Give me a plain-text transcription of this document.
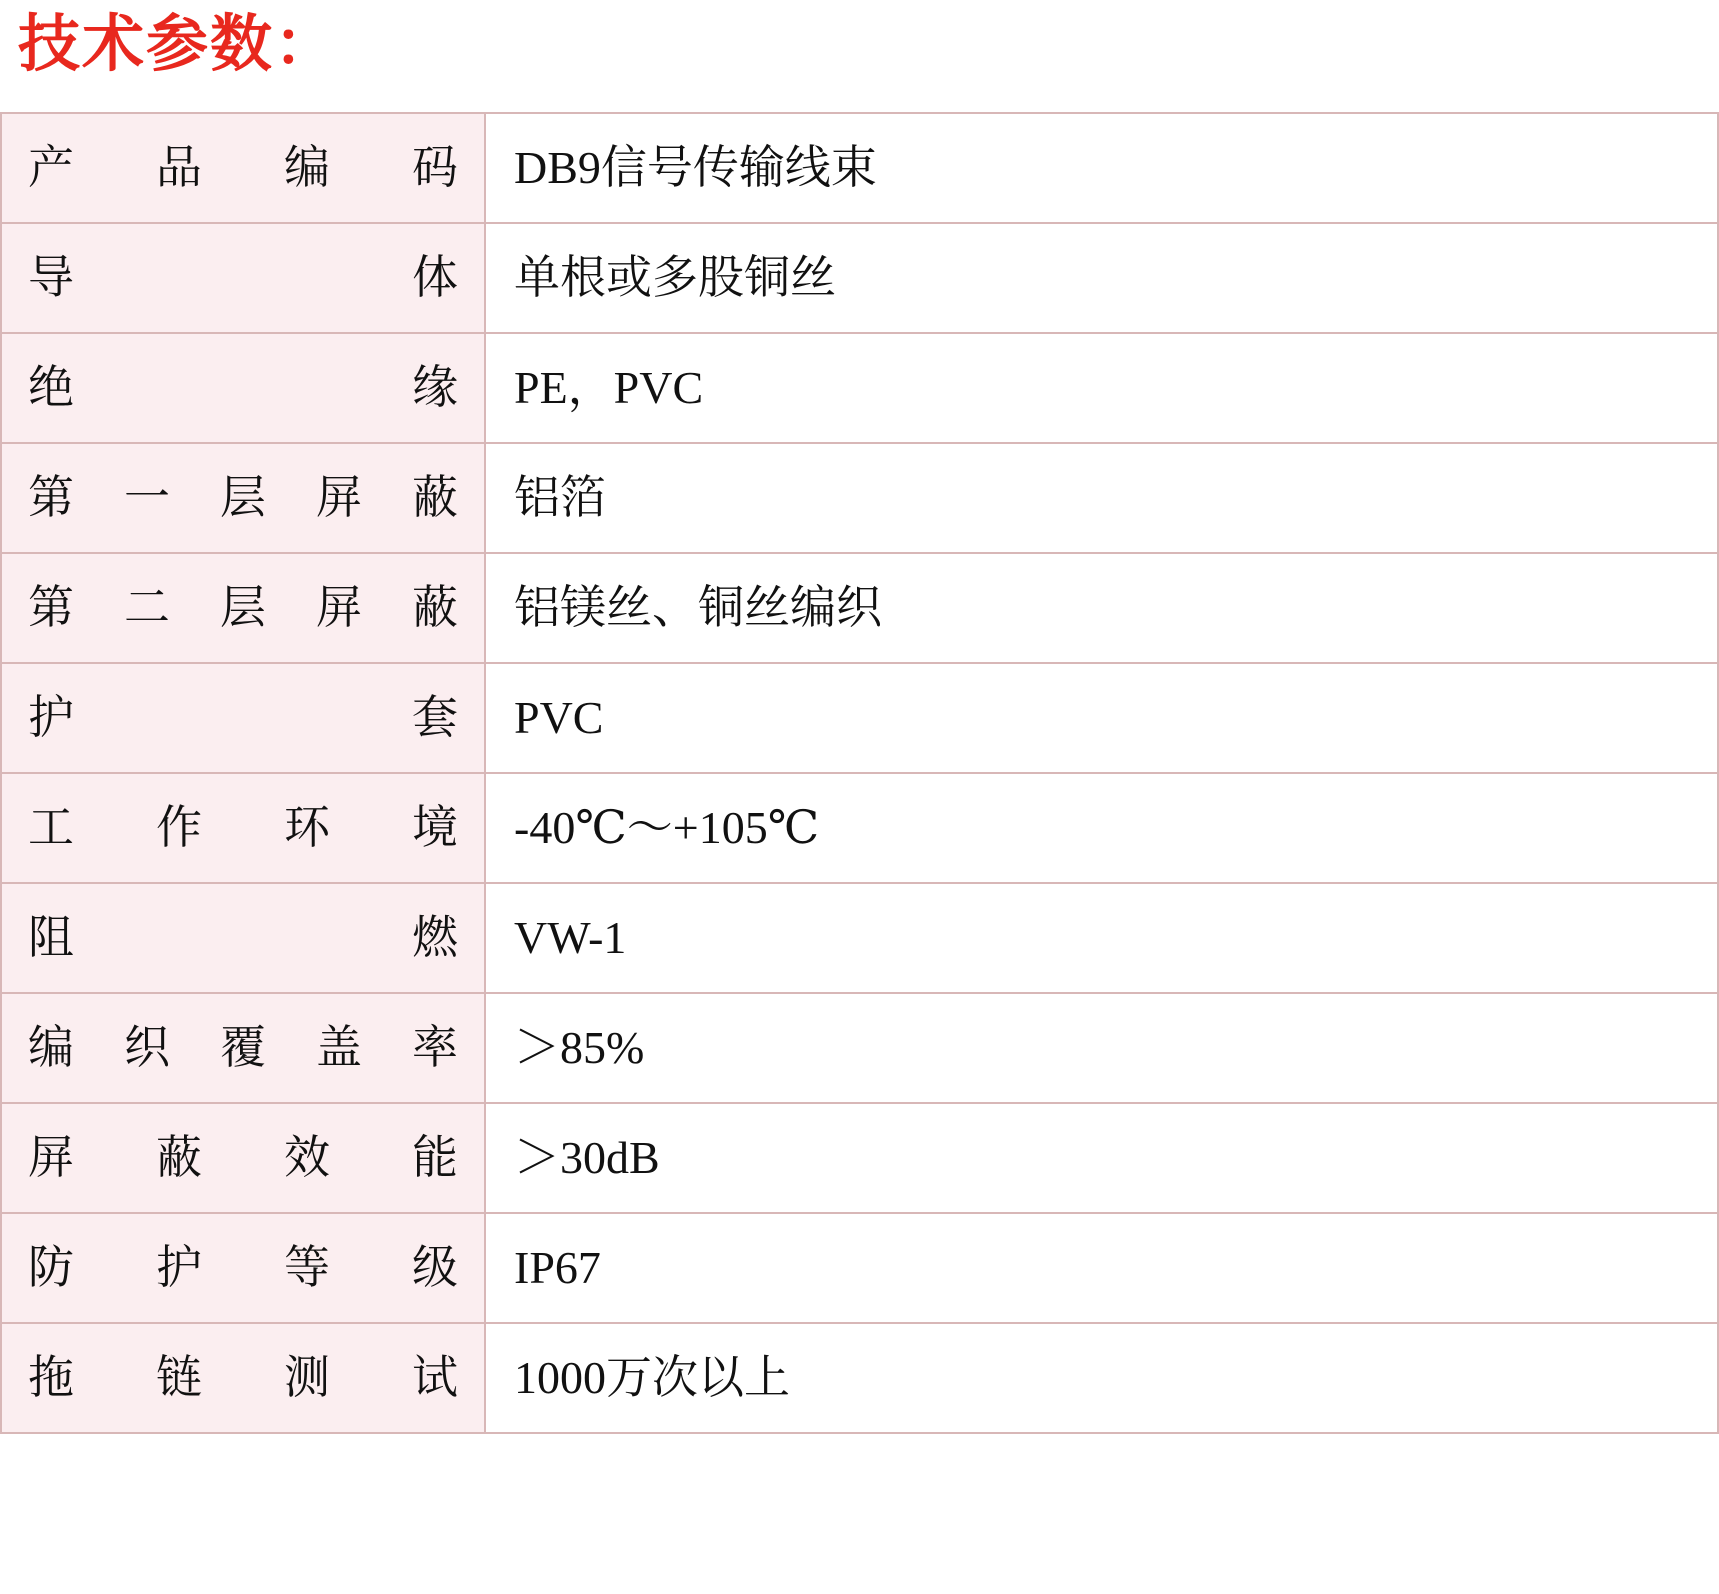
技术参数：
产 品 编 码	DB9信号传输线束

导 体	单根或多股铜丝

绝 缘	PE，PVC

第 一 层 屏 蔽	铝箔

第 二 层 屏 蔽	铝镁丝、铜丝编织

护 套	PVC

工 作 环 境	-40℃～+105℃

阻 燃	VW-1

编 织 覆 盖 率	＞85%

屏 蔽 效 能	＞30dB

防 护 等 级	IP67

拖 链 测 试	1000万次以上
